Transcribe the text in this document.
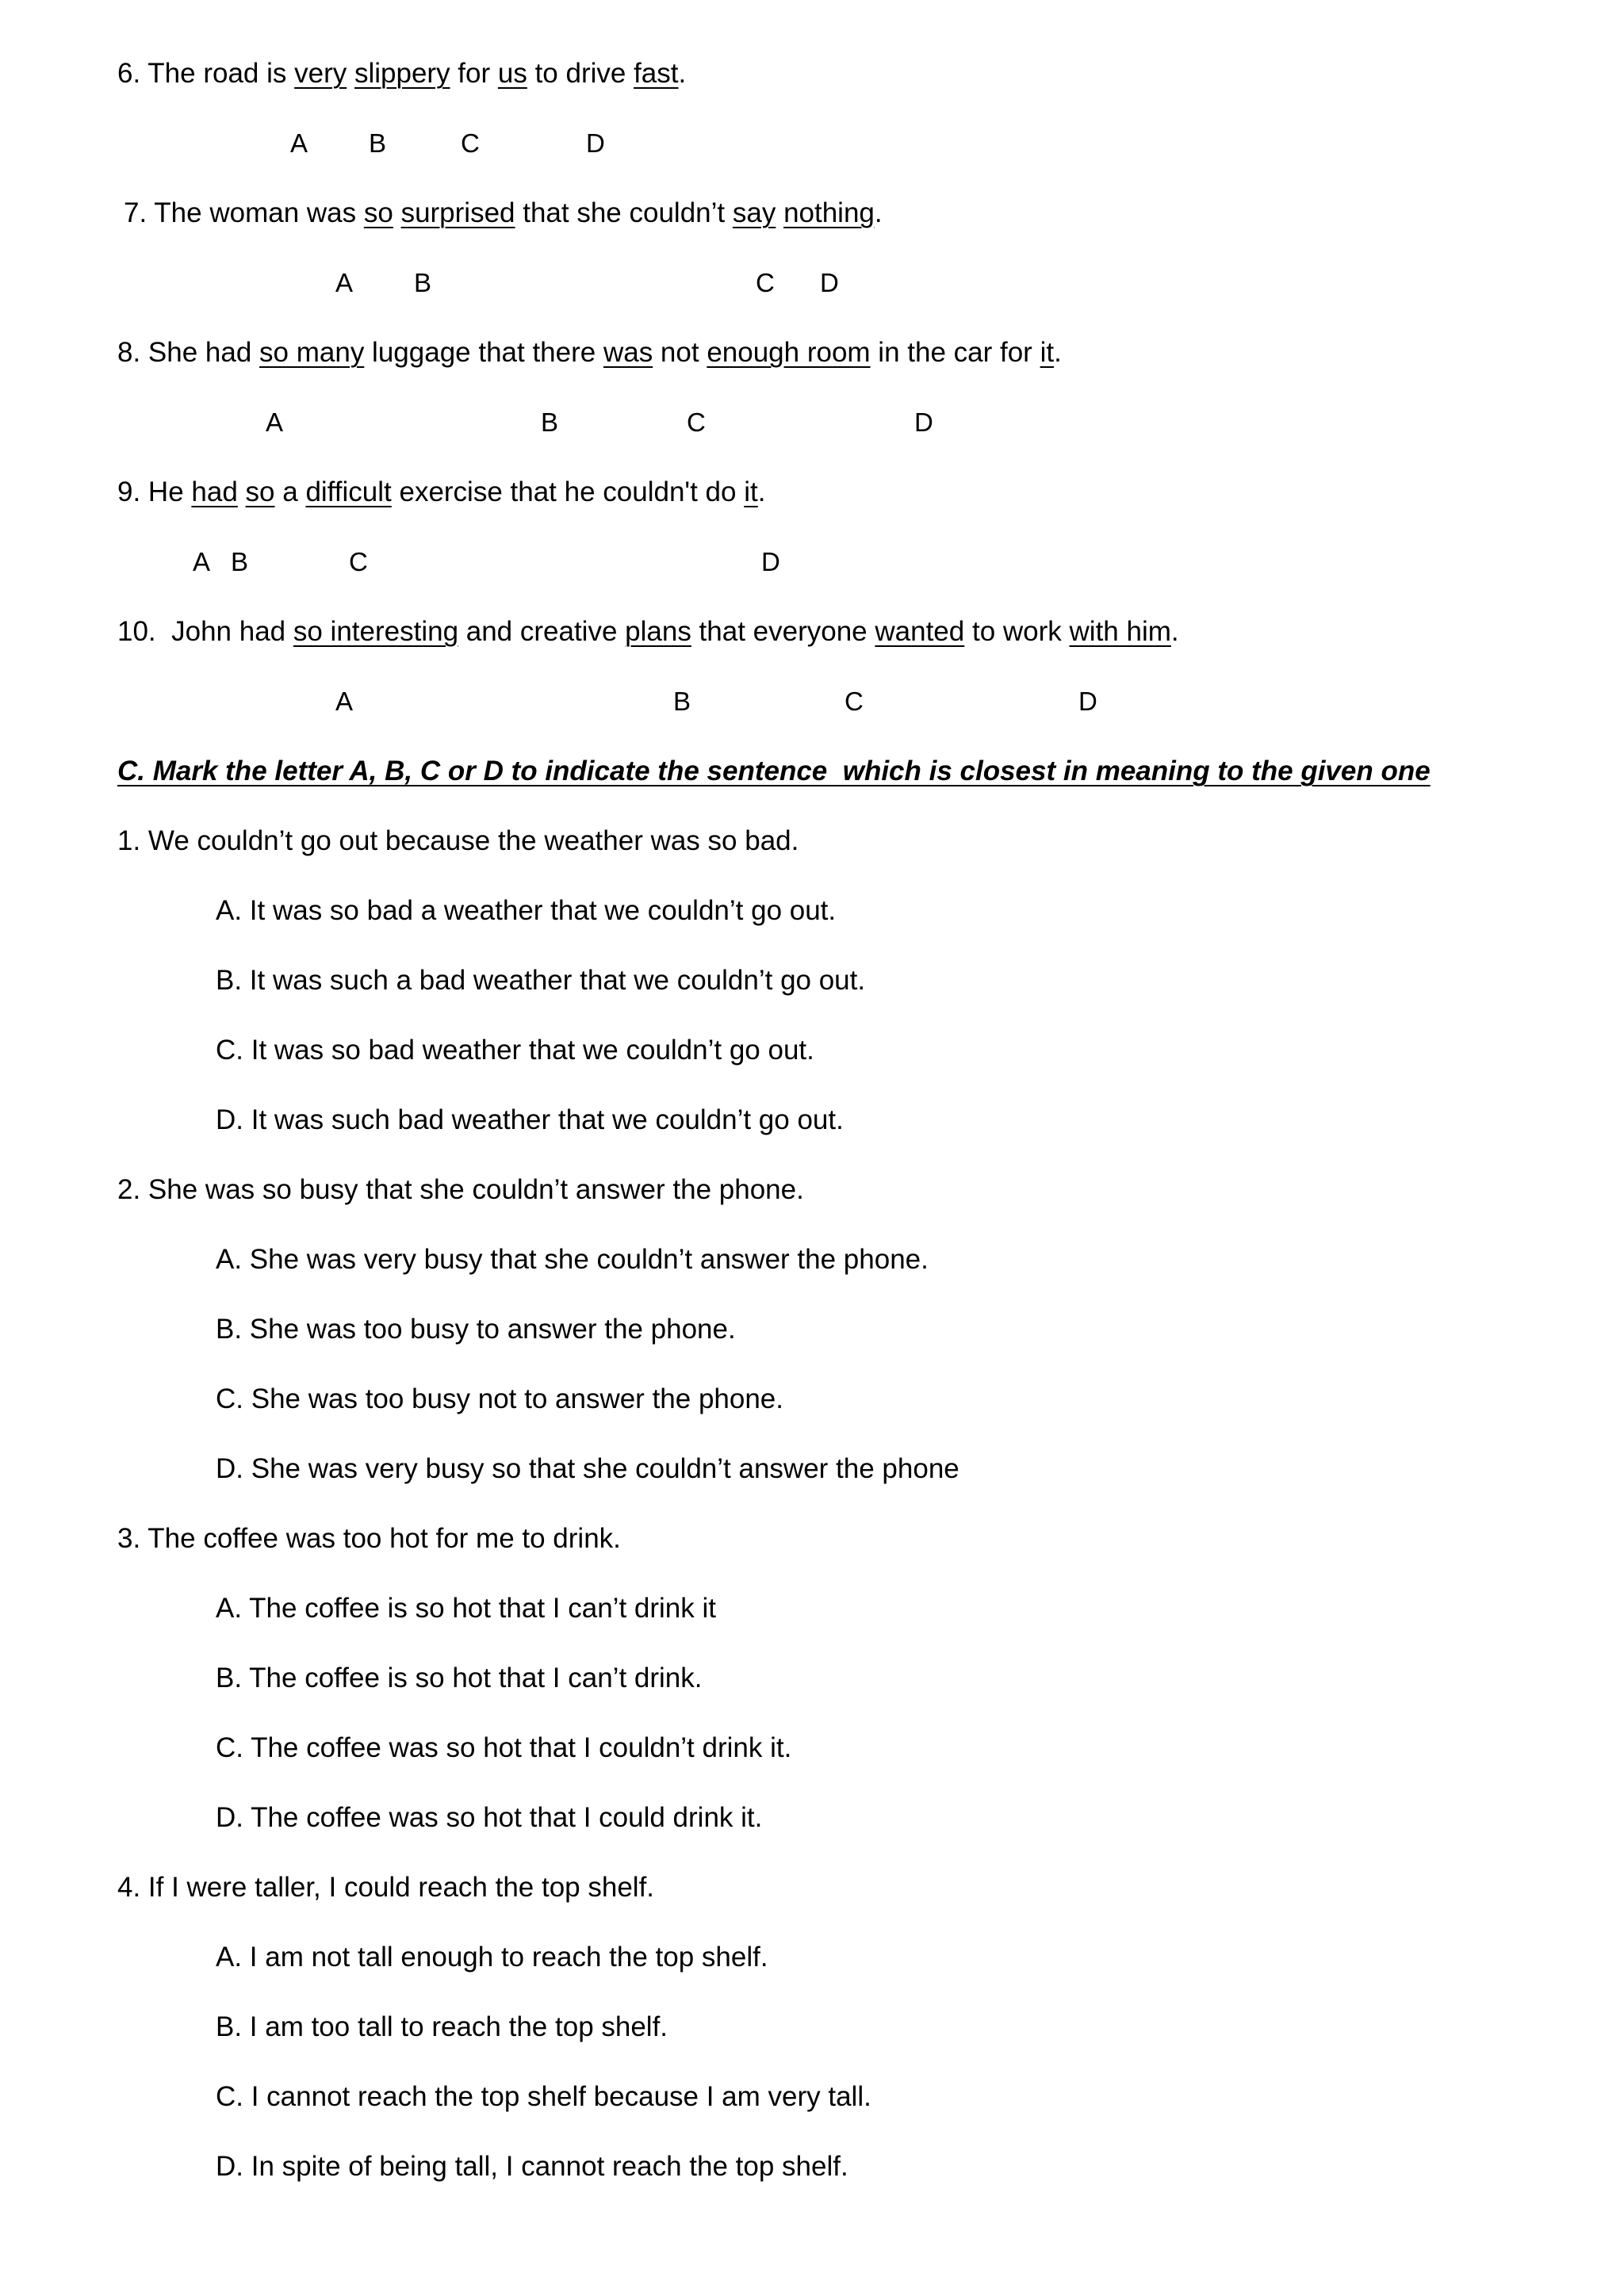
6. The road is very slippery for us to drive fast.
A B	C	D
7. The woman was so surprised that she couldn’t say nothing.
A B	C D
8. She had so many luggage that there was not enough room in the car for it.
A	B	C	D
9. He had so a difficult exercise that he couldn't do it.
A B	C	D
10.  John had so interesting and creative plans that everyone wanted to work with him.
A	B	C	D
C. Mark the letter A, B, C or D to indicate the sentence  which is closest in meaning to the given one
1. We couldn’t go out because the weather was so bad.
A. It was so bad a weather that we couldn’t go out.
B. It was such a bad weather that we couldn’t go out.
C. It was so bad weather that we couldn’t go out.
D. It was such bad weather that we couldn’t go out.
2. She was so busy that she couldn’t answer the phone.
A. She was very busy that she couldn’t answer the phone.
B. She was too busy to answer the phone.
C. She was too busy not to answer the phone.
D. She was very busy so that she couldn’t answer the phone
3. The coffee was too hot for me to drink.
A. The coffee is so hot that I can’t drink it
B. The coffee is so hot that I can’t drink.
C. The coffee was so hot that I couldn’t drink it.
D. The coffee was so hot that I could drink it.
4. If I were taller, I could reach the top shelf.
A. I am not tall enough to reach the top shelf.
B. I am too tall to reach the top shelf.
C. I cannot reach the top shelf because I am very tall.
D. In spite of being tall, I cannot reach the top shelf.
